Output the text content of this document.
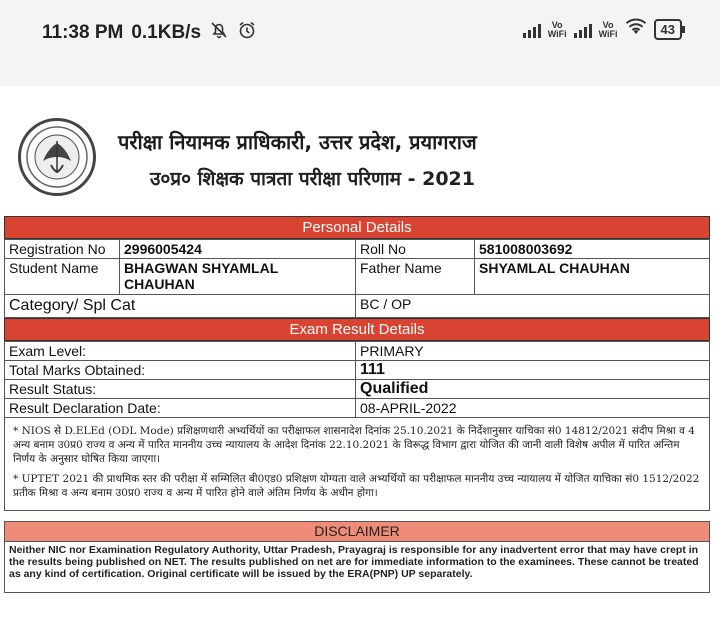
11:38 PM 0.1KB/s	Vo
WiFi
Vo
WiFi	43
परीक्षा नियामक प्राधिकारी, उत्तर प्रदेश, प्रयागराज
उ०प्र० शिक्षक पात्रता परीक्षा परिणाम - 2021
Personal Details
Registration No	2996005424	Roll No	581008003692
Student Name	BHAGWAN SHYAMLAL CHAUHAN	Father Name	SHYAMLAL CHAUHAN
Category/ Spl Cat		BC / OP	
Exam Result Details
Exam Level:	PRIMARY
Total Marks Obtained:	111
Result Status:	Qualified
Result Declaration Date:	08-APRIL-2022

* NIOS से D.ELEd (ODL Mode) प्रशिक्षणधारी अभ्यर्थियों का परीक्षाफल शासनादेश दिनांक 25.10.2021 के निर्देशानुसार याचिका सं0 14812/2021 संदीप मिश्रा व 4 अन्य बनाम उ0प्र0 राज्य व अन्य में पारित माननीय उच्च न्यायालय के आदेश दिनांक 22.10.2021 के विरूद्ध विभाग द्वारा योजित की जानी वाली विशेष अपील में पारित अन्तिम निर्णय के अनुसार घोषित किया जाएगा।

* UPTET 2021 की प्राथमिक स्तर की परीक्षा में सम्मिलित बी0एड0 प्रशिक्षण योग्यता वाले अभ्यर्थियों का परीक्षाफल माननीय उच्च न्यायालय में योजित याचिका सं0 1512/2022 प्रतीक मिश्रा व अन्य बनाम उ0प्र0 राज्य व अन्य में पारित होने वाले अंतिम निर्णय के अधीन होगा।

DISCLAIMER
Neither NIC nor Examination Regulatory Authority, Uttar Pradesh, Prayagraj is responsible for any inadvertent error that may have crept in the results being published on NET. The results published on net are for immediate information to the examinees. These cannot be treated as any kind of certification. Original certificate will be issued by the ERA(PNP) UP separately.
